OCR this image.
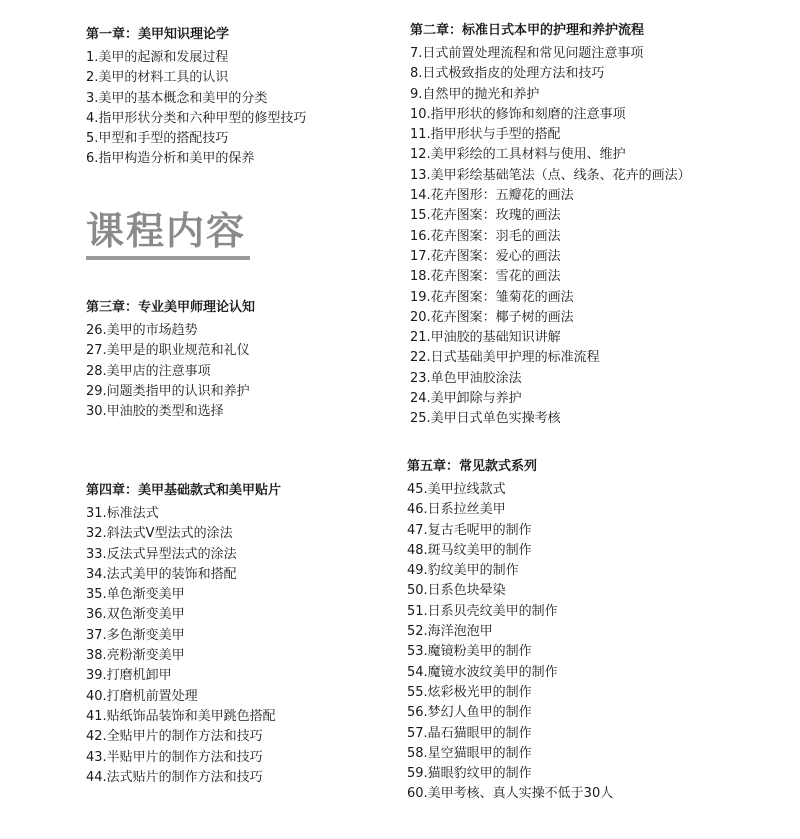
第一章：美甲知识理论学
1.美甲的起源和发展过程
2.美甲的材料工具的认识
3.美甲的基本概念和美甲的分类
4.指甲形状分类和六种甲型的修型技巧
5.甲型和手型的搭配技巧
6.指甲构造分析和美甲的保养
课程内容
第三章：专业美甲师理论认知
26.美甲的市场趋势
27.美甲是的职业规范和礼仪
28.美甲店的注意事项
29.问题类指甲的认识和养护
30.甲油胶的类型和选择
第四章：美甲基础款式和美甲贴片
31.标准法式
32.斜法式V型法式的涂法
33.反法式异型法式的涂法
34.法式美甲的装饰和搭配
35.单色渐变美甲
36.双色渐变美甲
37.多色渐变美甲
38.亮粉渐变美甲
39.打磨机卸甲
40.打磨机前置处理
41.贴纸饰品装饰和美甲跳色搭配
42.全贴甲片的制作方法和技巧
43.半贴甲片的制作方法和技巧
44.法式贴片的制作方法和技巧
第二章：标准日式本甲的护理和养护流程
7.日式前置处理流程和常见问题注意事项
8.日式极致指皮的处理方法和技巧
9.自然甲的抛光和养护
10.指甲形状的修饰和刻磨的注意事项
11.指甲形状与手型的搭配
12.美甲彩绘的工具材料与使用、维护
13.美甲彩绘基础笔法（点、线条、花卉的画法）
14.花卉图形：五瓣花的画法
15.花卉图案：玫瑰的画法
16.花卉图案：羽毛的画法
17.花卉图案：爱心的画法
18.花卉图案：雪花的画法
19.花卉图案：雏菊花的画法
20.花卉图案：椰子树的画法
21.甲油胶的基础知识讲解
22.日式基础美甲护理的标准流程
23.单色甲油胶涂法
24.美甲卸除与养护
25.美甲日式单色实操考核
第五章：常见款式系列
45.美甲拉线款式
46.日系拉丝美甲
47.复古毛呢甲的制作
48.斑马纹美甲的制作
49.豹纹美甲的制作
50.日系色块晕染
51.日系贝壳纹美甲的制作
52.海洋泡泡甲
53.魔镜粉美甲的制作
54.魔镜水波纹美甲的制作
55.炫彩极光甲的制作
56.梦幻人鱼甲的制作
57.晶石猫眼甲的制作
58.星空猫眼甲的制作
59.猫眼豹纹甲的制作
60.美甲考核、真人实操不低于30人
